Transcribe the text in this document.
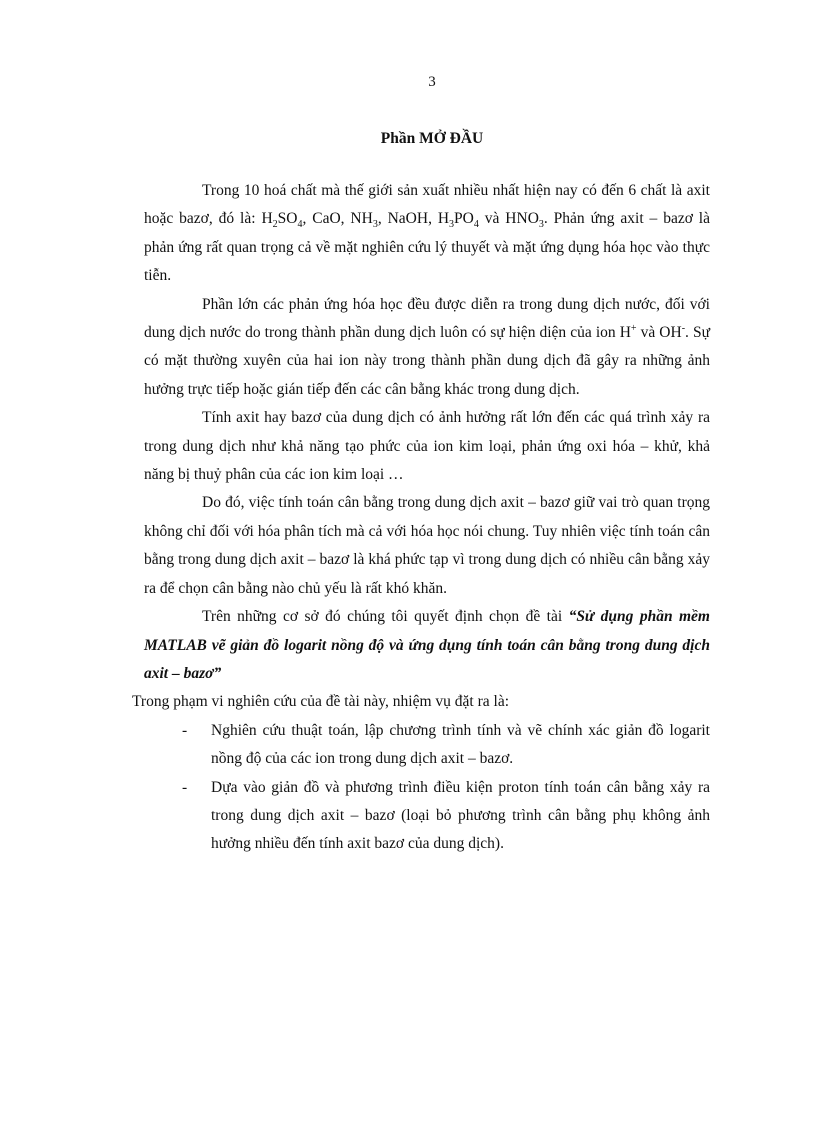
3
Phần MỞ ĐẦU

Trong 10 hoá chất mà thế giới sản xuất nhiều nhất hiện nay có đến 6 chất là axit hoặc bazơ, đó là: $H_2SO_4$, CaO, $NH_3$, NaOH, $H_3PO_4$ và $HNO_3$. Phản ứng axit – bazơ là phản ứng rất quan trọng cả về mặt nghiên cứu lý thuyết và mặt ứng dụng hóa học vào thực tiễn.

Phần lớn các phản ứng hóa học đều được diễn ra trong dung dịch nước, đối với dung dịch nước do trong thành phần dung dịch luôn có sự hiện diện của ion H+ và OH-. Sự có mặt thường xuyên của hai ion này trong thành phần dung dịch đã gây ra những ảnh hưởng trực tiếp hoặc gián tiếp đến các cân bằng khác trong dung dịch.

Tính axit hay bazơ của dung dịch có ảnh hưởng rất lớn đến các quá trình xảy ra trong dung dịch như khả năng tạo phức của ion kim loại, phản ứng oxi hóa – khử, khả năng bị thuỷ phân của các ion kim loại …

Do đó, việc tính toán cân bằng trong dung dịch axit – bazơ giữ vai trò quan trọng không chỉ đối với hóa phân tích mà cả với hóa học nói chung. Tuy nhiên việc tính toán cân bằng trong dung dịch axit – bazơ là khá phức tạp vì trong dung dịch có nhiều cân bằng xảy ra để chọn cân bằng nào chủ yếu là rất khó khăn.

Trên những cơ sở đó chúng tôi quyết định chọn đề tài “Sử dụng phần mềm MATLAB vẽ giản đồ logarit nồng độ và ứng dụng tính toán cân bằng trong dung dịch axit – bazơ”

Trong phạm vi nghiên cứu của đề tài này, nhiệm vụ đặt ra là:

- Nghiên cứu thuật toán, lập chương trình tính và vẽ chính xác giản đồ logarit nồng độ của các ion trong dung dịch axit – bazơ.
- Dựa vào giản đồ và phương trình điều kiện proton tính toán cân bằng xảy ra trong dung dịch axit – bazơ (loại bỏ phương trình cân bằng phụ không ảnh hưởng nhiều đến tính axit bazơ của dung dịch).
